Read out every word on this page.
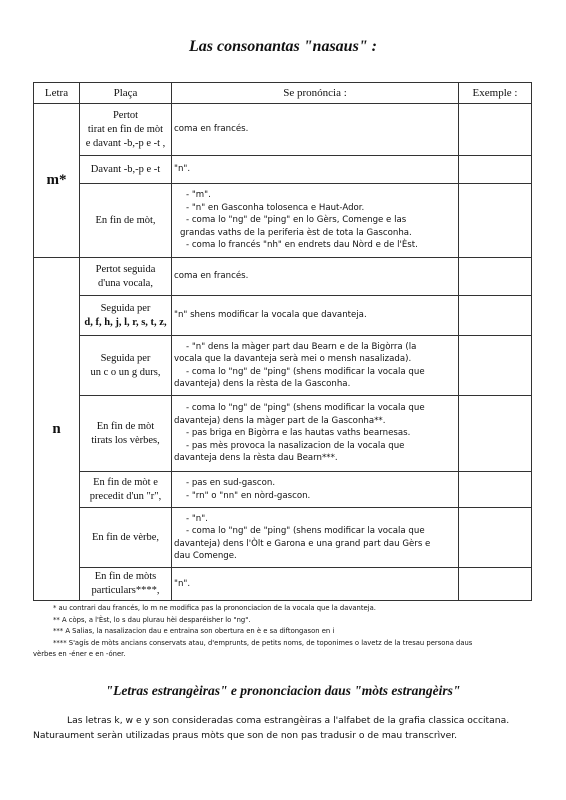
Las consonantas "nasaus" :
Letra	Plaça	Se pronóncia :	Exemple :
m*	Pertot
tirat en fin de mòt
e davant -b,-p e -t ,	coma en francés.	

	Davant -b,-p e -t	"n".	

	En fin de mòt,	- "m".
- "n" en Gasconha tolosenca e Haut-Ador.
- coma lo "ng" de "ping" en lo Gèrs, Comenge e las
grandas vaths de la periferia èst de tota la Gasconha.
- coma lo francés "nh" en endrets dau Nòrd e de l'Èst.	

n	Pertot seguida
d'una vocala,	coma en francés.	

	Seguida per
d, f, h, j, l, r, s, t, z,	"n" shens modificar la vocala que davanteja.	

	Seguida per
un c o un g durs,	- "n" dens la màger part dau Bearn e de la Bigòrra (la
vocala que la davanteja serà mei o mensh nasalizada).
- coma lo "ng" de "ping" (shens modificar la vocala que
davanteja) dens la rèsta de la Gasconha.	

	En fin de mòt
tirats los vèrbes,	- coma lo "ng" de "ping" (shens modificar la vocala que
davanteja) dens la màger part de la Gasconha**.
- pas briga en Bigòrra e las hautas vaths bearnesas.
- pas mès provoca la nasalizacion de la vocala que
davanteja dens la rèsta dau Bearn***.	

	En fin de mòt e
precedit d'un "r",	- pas en sud-gascon.
- "rn" o "nn" en nòrd-gascon.	

	En fin de vèrbe,	- "n".
- coma lo "ng" de "ping" (shens modificar la vocala que
davanteja) dens l'Òlt e Garona e una grand part dau Gèrs e
dau Comenge.	

	En fin de mòts
particulars****,	"n".	

* au contrari dau francés, lo m ne modifica pas la prononciacion de la vocala que la davanteja.
** A còps, a l'Èst, lo s dau plurau hèi desparéisher lo "ng".
*** A Salias, la nasalizacion dau e entraina son obertura en è e sa diftongason en i
**** S'agís de mòts ancians conservats atau, d'emprunts, de petits noms, de toponimes o lavetz de la tresau persona daus
vèrbes en -éner e en -óner.
"Letras estrangèiras" e prononciacion daus "mòts estrangèirs"
Las letras k, w e y son consideradas coma estrangèiras a l'alfabet de la grafia classica occitana.
Naturaument seràn utilizadas praus mòts que son de non pas tradusir o de mau transcrìver.
